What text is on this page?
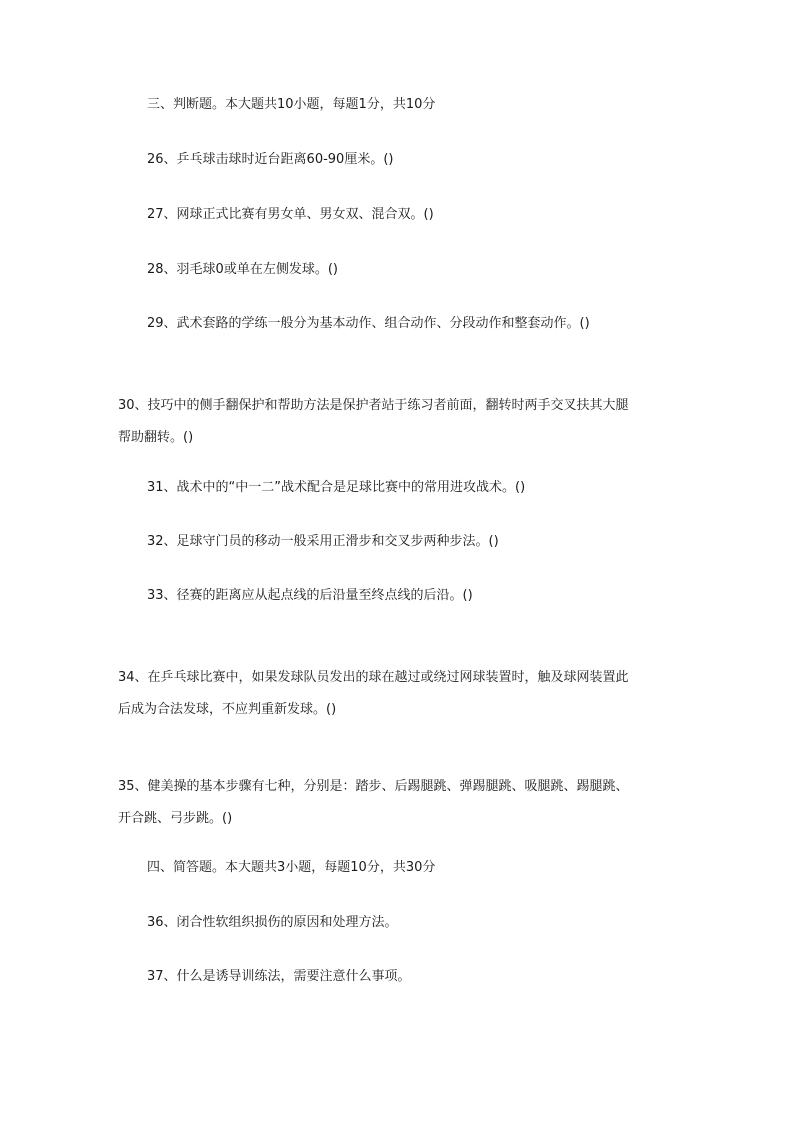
三、判断题。本大题共10小题，每题1分，共10分
26、乒乓球击球时近台距离60-90厘米。()
27、网球正式比赛有男女单、男女双、混合双。()
28、羽毛球0或单在左侧发球。()
29、武术套路的学练一般分为基本动作、组合动作、分段动作和整套动作。()
30、技巧中的侧手翻保护和帮助方法是保护者站于练习者前面，翻转时两手交叉扶其大腿
帮助翻转。()
31、战术中的“中一二”战术配合是足球比赛中的常用进攻战术。()
32、足球守门员的移动一般采用正滑步和交叉步两种步法。()
33、径赛的距离应从起点线的后沿量至终点线的后沿。()
34、在乒乓球比赛中，如果发球队员发出的球在越过或绕过网球装置时，触及球网装置此
后成为合法发球，不应判重新发球。()
35、健美操的基本步骤有七种，分别是：踏步、后踢腿跳、弹踢腿跳、吸腿跳、踢腿跳、
开合跳、弓步跳。()
四、简答题。本大题共3小题，每题10分，共30分
36、闭合性软组织损伤的原因和处理方法。
37、什么是诱导训练法，需要注意什么事项。
